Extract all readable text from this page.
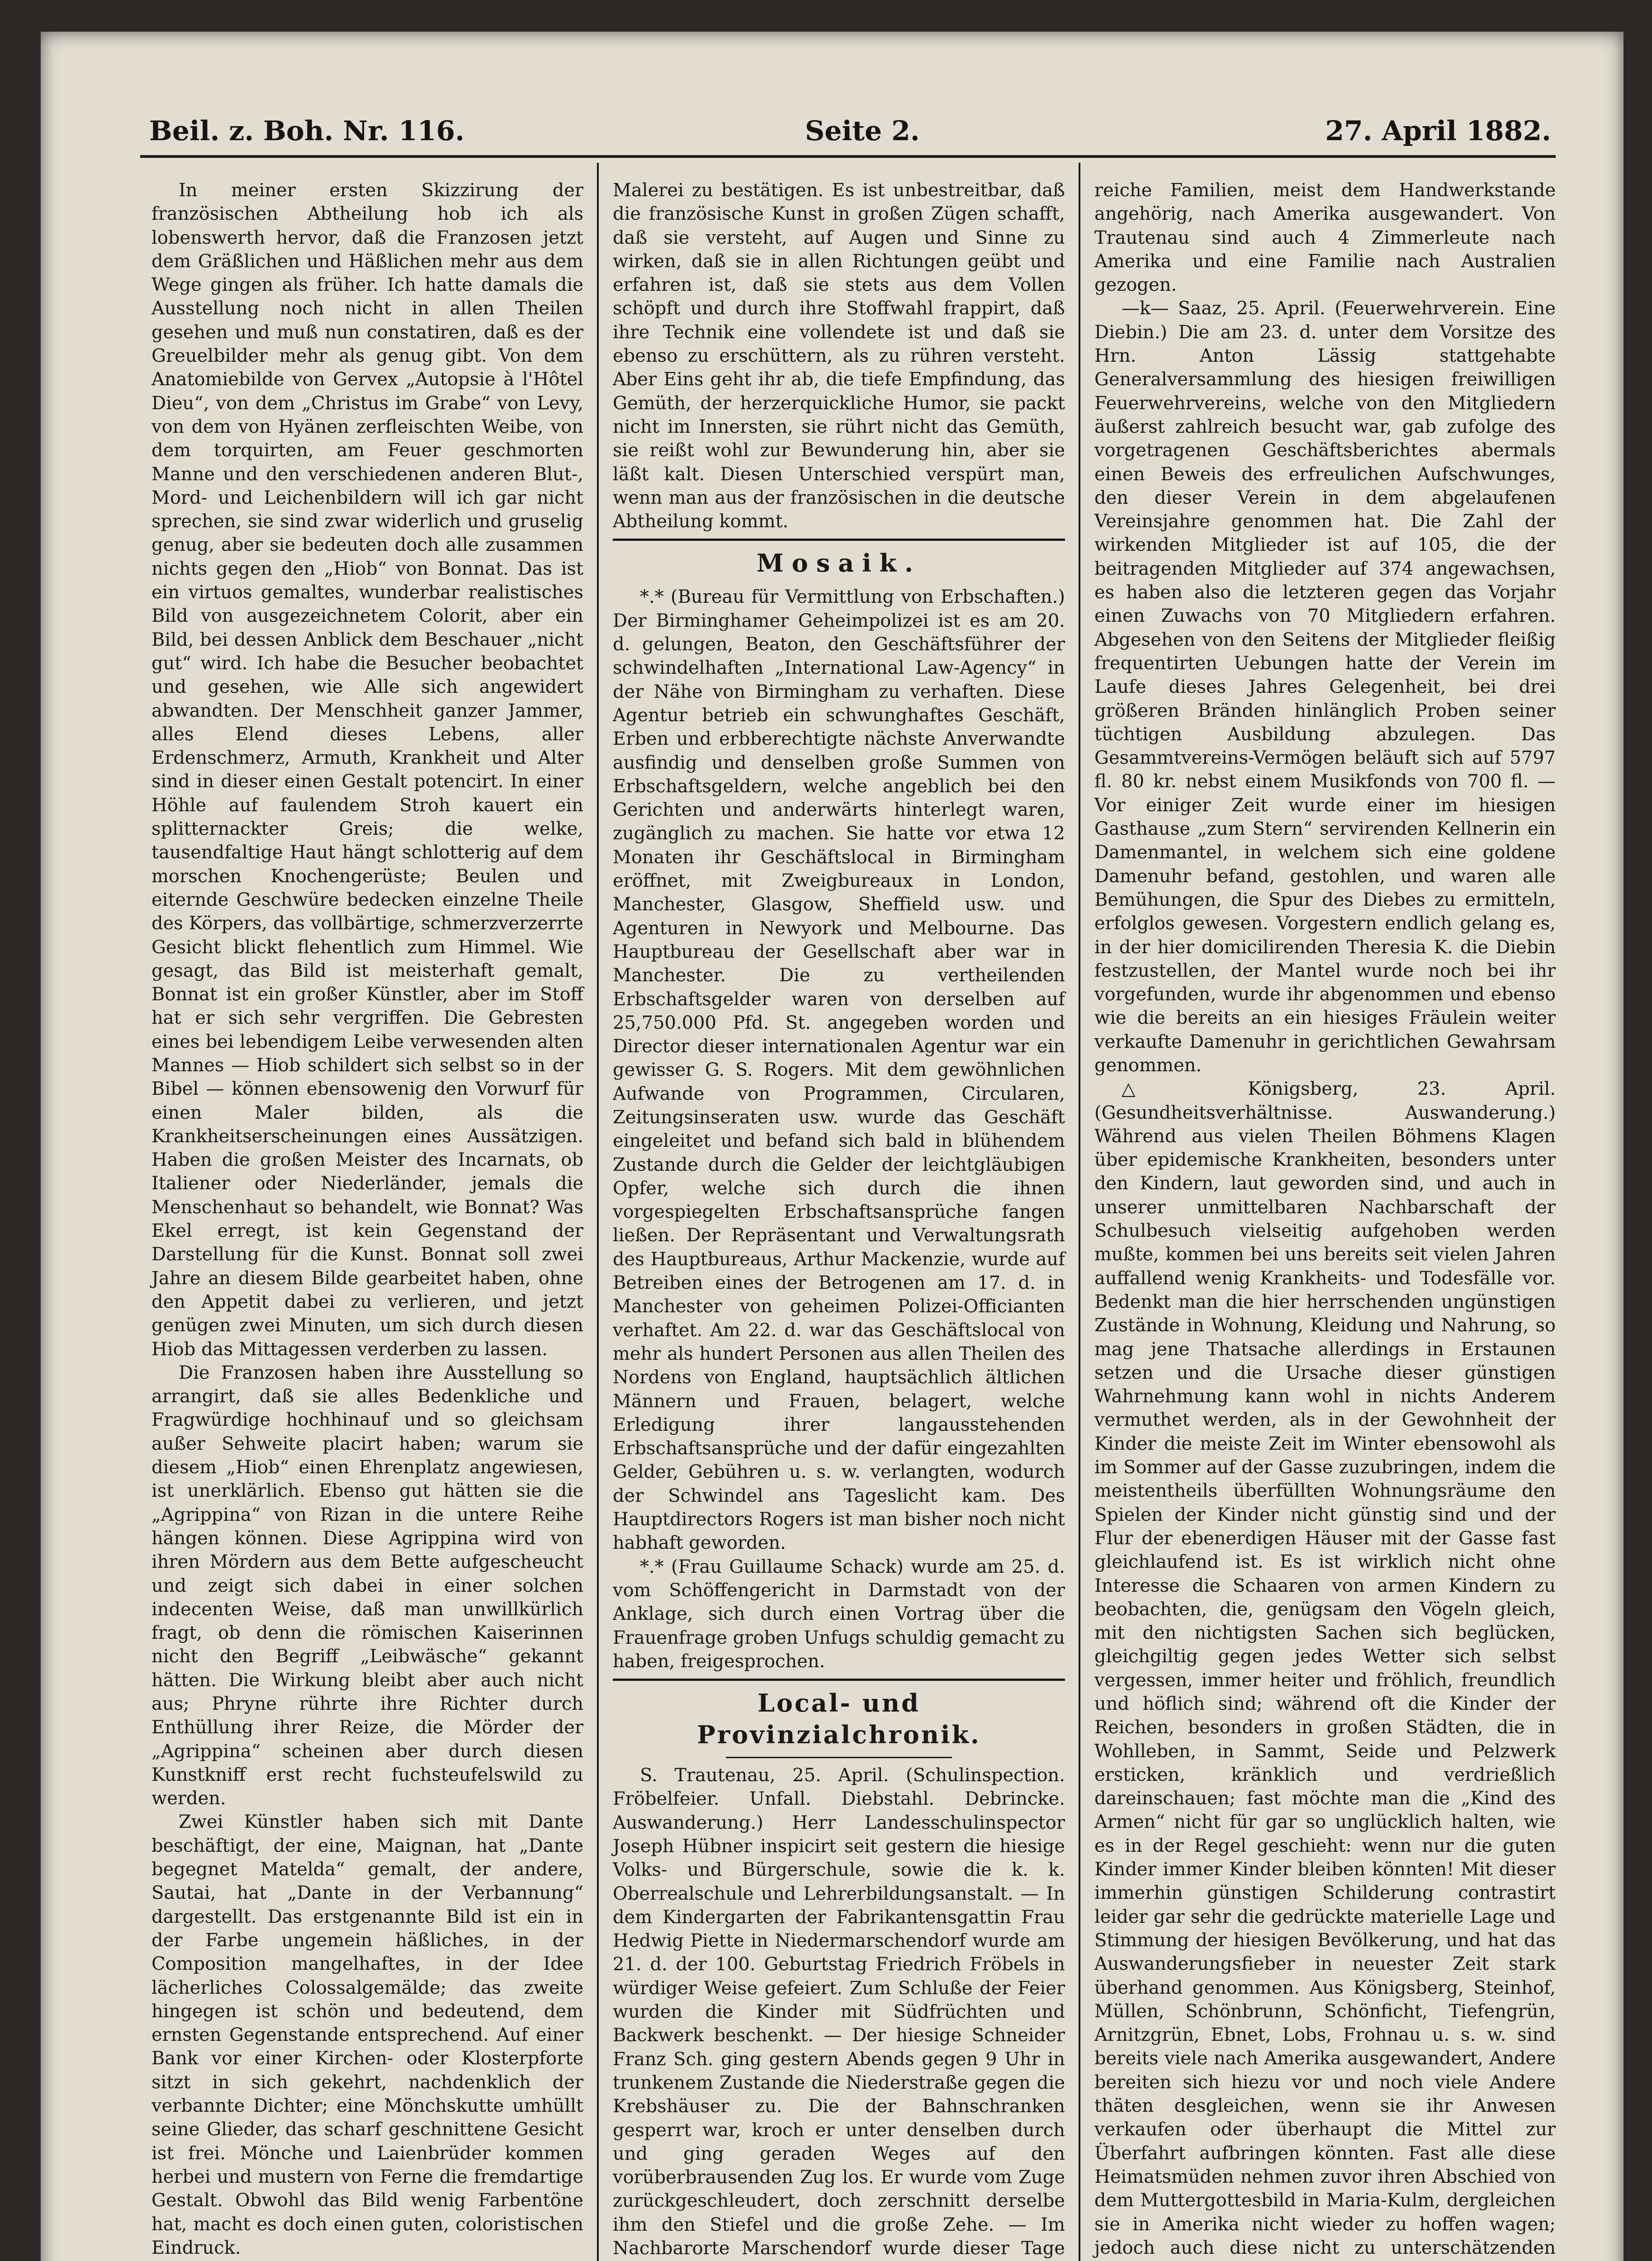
Beil. z. Boh. Nr. 116.	Seite 2.	27. April 1882.

In meiner ersten Skizzirung der französischen Abtheilung hob ich als lobenswerth hervor, daß die Franzosen jetzt dem Gräßlichen und Häßlichen mehr aus dem Wege gingen als früher. Ich hatte damals die Ausstellung noch nicht in allen Theilen gesehen und muß nun constatiren, daß es der Greuelbilder mehr als genug gibt. Von dem Anatomiebilde von Gervex „Autopsie à l'Hôtel Dieu“, von dem „Christus im Grabe“ von Levy, von dem von Hyänen zerfleischten Weibe, von dem torquirten, am Feuer geschmorten Manne und den verschiedenen anderen Blut-, Mord- und Leichenbildern will ich gar nicht sprechen, sie sind zwar widerlich und gruselig genug, aber sie bedeuten doch alle zusammen nichts gegen den „Hiob“ von Bonnat. Das ist ein virtuos gemaltes, wunderbar realistisches Bild von ausgezeichnetem Colorit, aber ein Bild, bei dessen Anblick dem Beschauer „nicht gut“ wird. Ich habe die Besucher beobachtet und gesehen, wie Alle sich angewidert abwandten. Der Menschheit ganzer Jammer, alles Elend dieses Lebens, aller Erdenschmerz, Armuth, Krankheit und Alter sind in dieser einen Gestalt potencirt. In einer Höhle auf faulendem Stroh kauert ein splitternackter Greis; die welke, tausendfaltige Haut hängt schlotterig auf dem morschen Knochengerüste; Beulen und eiternde Geschwüre bedecken einzelne Theile des Körpers, das vollbärtige, schmerzverzerrte Gesicht blickt flehentlich zum Himmel. Wie gesagt, das Bild ist meisterhaft gemalt, Bonnat ist ein großer Künstler, aber im Stoff hat er sich sehr vergriffen. Die Gebresten eines bei lebendigem Leibe verwesenden alten Mannes — Hiob schildert sich selbst so in der Bibel — können ebensowenig den Vorwurf für einen Maler bilden, als die Krankheitserscheinungen eines Aussätzigen. Haben die großen Meister des Incarnats, ob Italiener oder Niederländer, jemals die Menschenhaut so behandelt, wie Bonnat? Was Ekel erregt, ist kein Gegenstand der Darstellung für die Kunst. Bonnat soll zwei Jahre an diesem Bilde gearbeitet haben, ohne den Appetit dabei zu verlieren, und jetzt genügen zwei Minuten, um sich durch diesen Hiob das Mittagessen verderben zu lassen.

Die Franzosen haben ihre Ausstellung so arrangirt, daß sie alles Bedenkliche und Fragwürdige hochhinauf und so gleichsam außer Sehweite placirt haben; warum sie diesem „Hiob“ einen Ehrenplatz angewiesen, ist unerklärlich. Ebenso gut hätten sie die „Agrippina“ von Rizan in die untere Reihe hängen können. Diese Agrippina wird von ihren Mördern aus dem Bette aufgescheucht und zeigt sich dabei in einer solchen indecenten Weise, daß man unwillkürlich fragt, ob denn die römischen Kaiserinnen nicht den Begriff „Leibwäsche“ gekannt hätten. Die Wirkung bleibt aber auch nicht aus; Phryne rührte ihre Richter durch Enthüllung ihrer Reize, die Mörder der „Agrippina“ scheinen aber durch diesen Kunstkniff erst recht fuchsteufelswild zu werden.

Zwei Künstler haben sich mit Dante beschäftigt, der eine, Maignan, hat „Dante begegnet Matelda“ gemalt, der andere, Sautai, hat „Dante in der Verbannung“ dargestellt. Das erstgenannte Bild ist ein in der Farbe ungemein häßliches, in der Composition mangelhaftes, in der Idee lächerliches Colossalgemälde; das zweite hingegen ist schön und bedeutend, dem ernsten Gegenstande entsprechend. Auf einer Bank vor einer Kirchen- oder Klosterpforte sitzt in sich gekehrt, nachdenklich der verbannte Dichter; eine Mönchskutte umhüllt seine Glieder, das scharf geschnittene Gesicht ist frei. Mönche und Laienbrüder kommen herbei und mustern von Ferne die fremdartige Gestalt. Obwohl das Bild wenig Farbentöne hat, macht es doch einen guten, coloristischen Eindruck.

Malerei zu bestätigen. Es ist unbestreitbar, daß die französische Kunst in großen Zügen schafft, daß sie versteht, auf Augen und Sinne zu wirken, daß sie in allen Richtungen geübt und erfahren ist, daß sie stets aus dem Vollen schöpft und durch ihre Stoffwahl frappirt, daß ihre Technik eine vollendete ist und daß sie ebenso zu erschüttern, als zu rühren versteht. Aber Eins geht ihr ab, die tiefe Empfindung, das Gemüth, der herzerquickliche Humor, sie packt nicht im Innersten, sie rührt nicht das Gemüth, sie reißt wohl zur Bewunderung hin, aber sie läßt kalt. Diesen Unterschied verspürt man, wenn man aus der französischen in die deutsche Abtheilung kommt.

Mosaik.

*.* (Bureau für Vermittlung von Erbschaften.) Der Birminghamer Geheimpolizei ist es am 20. d. gelungen, Beaton, den Geschäftsführer der schwindelhaften „International Law-Agency“ in der Nähe von Birmingham zu verhaften. Diese Agentur betrieb ein schwunghaftes Geschäft, Erben und erbberechtigte nächste Anverwandte ausfindig und denselben große Summen von Erbschaftsgeldern, welche angeblich bei den Gerichten und anderwärts hinterlegt waren, zugänglich zu machen. Sie hatte vor etwa 12 Monaten ihr Geschäftslocal in Birmingham eröffnet, mit Zweigbureaux in London, Manchester, Glasgow, Sheffield usw. und Agenturen in Newyork und Melbourne. Das Hauptbureau der Gesellschaft aber war in Manchester. Die zu vertheilenden Erbschaftsgelder waren von derselben auf 25,750.000 Pfd. St. angegeben worden und Director dieser internationalen Agentur war ein gewisser G. S. Rogers. Mit dem gewöhnlichen Aufwande von Programmen, Circularen, Zeitungsinseraten usw. wurde das Geschäft eingeleitet und befand sich bald in blühendem Zustande durch die Gelder der leichtgläubigen Opfer, welche sich durch die ihnen vorgespiegelten Erbschaftsansprüche fangen ließen. Der Repräsentant und Verwaltungsrath des Hauptbureaus, Arthur Mackenzie, wurde auf Betreiben eines der Betrogenen am 17. d. in Manchester von geheimen Polizei-Officianten verhaftet. Am 22. d. war das Geschäftslocal von mehr als hundert Personen aus allen Theilen des Nordens von England, hauptsächlich ältlichen Männern und Frauen, belagert, welche Erledigung ihrer langausstehenden Erbschaftsansprüche und der dafür eingezahlten Gelder, Gebühren u. s. w. verlangten, wodurch der Schwindel ans Tageslicht kam. Des Hauptdirectors Rogers ist man bisher noch nicht habhaft geworden.

*.* (Frau Guillaume Schack) wurde am 25. d. vom Schöffengericht in Darmstadt von der Anklage, sich durch einen Vortrag über die Frauenfrage groben Unfugs schuldig gemacht zu haben, freigesprochen.

Local- und Provinzialchronik.

S. Trautenau, 25. April. (Schulinspection. Fröbelfeier. Unfall. Diebstahl. Debrincke. Auswanderung.) Herr Landesschulinspector Joseph Hübner inspicirt seit gestern die hiesige Volks- und Bürgerschule, sowie die k. k. Oberrealschule und Lehrerbildungsanstalt. — In dem Kindergarten der Fabrikantensgattin Frau Hedwig Piette in Niedermarschendorf wurde am 21. d. der 100. Geburtstag Friedrich Fröbels in würdiger Weise gefeiert. Zum Schluße der Feier wurden die Kinder mit Südfrüchten und Backwerk beschenkt. — Der hiesige Schneider Franz Sch. ging gestern Abends gegen 9 Uhr in trunkenem Zustande die Niederstraße gegen die Krebshäuser zu. Die der Bahnschranken gesperrt war, kroch er unter denselben durch und ging geraden Weges auf den vorüberbrausenden Zug los. Er wurde vom Zuge zurückgeschleudert, doch zerschnitt derselbe ihm den Stiefel und die große Zehe. — Im Nachbarorte Marschendorf wurde dieser Tage

reiche Familien, meist dem Handwerkstande angehörig, nach Amerika ausgewandert. Von Trautenau sind auch 4 Zimmerleute nach Amerika und eine Familie nach Australien gezogen.

—k— Saaz, 25. April. (Feuerwehrverein. Eine Diebin.) Die am 23. d. unter dem Vorsitze des Hrn. Anton Lässig stattgehabte Generalversammlung des hiesigen freiwilligen Feuerwehrvereins, welche von den Mitgliedern äußerst zahlreich besucht war, gab zufolge des vorgetragenen Geschäftsberichtes abermals einen Beweis des erfreulichen Aufschwunges, den dieser Verein in dem abgelaufenen Vereinsjahre genommen hat. Die Zahl der wirkenden Mitglieder ist auf 105, die der beitragenden Mitglieder auf 374 angewachsen, es haben also die letzteren gegen das Vorjahr einen Zuwachs von 70 Mitgliedern erfahren. Abgesehen von den Seitens der Mitglieder fleißig frequentirten Uebungen hatte der Verein im Laufe dieses Jahres Gelegenheit, bei drei größeren Bränden hinlänglich Proben seiner tüchtigen Ausbildung abzulegen. Das Gesammtvereins-Vermögen beläuft sich auf 5797 fl. 80 kr. nebst einem Musikfonds von 700 fl. — Vor einiger Zeit wurde einer im hiesigen Gasthause „zum Stern“ servirenden Kellnerin ein Damenmantel, in welchem sich eine goldene Damenuhr befand, gestohlen, und waren alle Bemühungen, die Spur des Diebes zu ermitteln, erfolglos gewesen. Vorgestern endlich gelang es, in der hier domicilirenden Theresia K. die Diebin festzustellen, der Mantel wurde noch bei ihr vorgefunden, wurde ihr abgenommen und ebenso wie die bereits an ein hiesiges Fräulein weiter verkaufte Damenuhr in gerichtlichen Gewahrsam genommen.

△ Königsberg, 23. April. (Gesundheitsverhältnisse. Auswanderung.) Während aus vielen Theilen Böhmens Klagen über epidemische Krankheiten, besonders unter den Kindern, laut geworden sind, und auch in unserer unmittelbaren Nachbarschaft der Schulbesuch vielseitig aufgehoben werden mußte, kommen bei uns bereits seit vielen Jahren auffallend wenig Krankheits- und Todesfälle vor. Bedenkt man die hier herrschenden ungünstigen Zustände in Wohnung, Kleidung und Nahrung, so mag jene Thatsache allerdings in Erstaunen setzen und die Ursache dieser günstigen Wahrnehmung kann wohl in nichts Anderem vermuthet werden, als in der Gewohnheit der Kinder die meiste Zeit im Winter ebensowohl als im Sommer auf der Gasse zuzubringen, indem die meistentheils überfüllten Wohnungsräume den Spielen der Kinder nicht günstig sind und der Flur der ebenerdigen Häuser mit der Gasse fast gleichlaufend ist. Es ist wirklich nicht ohne Interesse die Schaaren von armen Kindern zu beobachten, die, genügsam den Vögeln gleich, mit den nichtigsten Sachen sich beglücken, gleichgiltig gegen jedes Wetter sich selbst vergessen, immer heiter und fröhlich, freundlich und höflich sind; während oft die Kinder der Reichen, besonders in großen Städten, die in Wohlleben, in Sammt, Seide und Pelzwerk ersticken, kränklich und verdrießlich dareinschauen; fast möchte man die „Kind des Armen“ nicht für gar so unglücklich halten, wie es in der Regel geschieht: wenn nur die guten Kinder immer Kinder bleiben könnten! Mit dieser immerhin günstigen Schilderung contrastirt leider gar sehr die gedrückte materielle Lage und Stimmung der hiesigen Bevölkerung, und hat das Auswanderungsfieber in neuester Zeit stark überhand genommen. Aus Königsberg, Steinhof, Müllen, Schönbrunn, Schönficht, Tiefengrün, Arnitzgrün, Ebnet, Lobs, Frohnau u. s. w. sind bereits viele nach Amerika ausgewandert, Andere bereiten sich hiezu vor und noch viele Andere thäten desgleichen, wenn sie ihr Anwesen verkaufen oder überhaupt die Mittel zur Überfahrt aufbringen könnten. Fast alle diese Heimatsmüden nehmen zuvor ihren Abschied von dem Muttergottesbild in Maria-Kulm, dergleichen sie in Amerika nicht wieder zu hoffen wagen; jedoch auch diese nicht zu unterschätzenden
